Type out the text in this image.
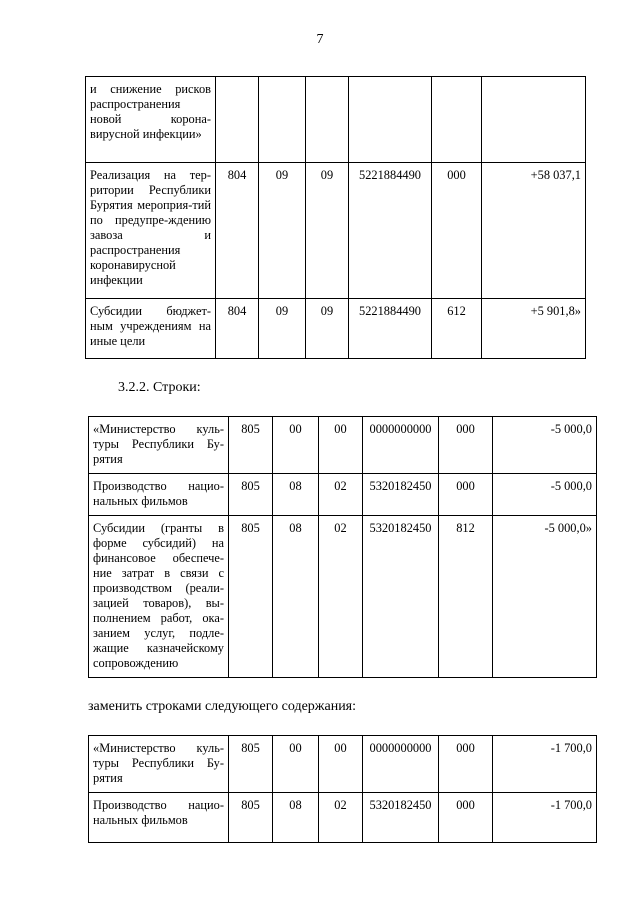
7
и снижение рисков распространения новой корона-вирусной инфекции»						
Реализация на тер-ритории Республики Бурятия мероприя-тий по предупре-ждению завоза и распространения коронавирусной инфекции	804	09	09	5221884490	000	+58 037,1
Субсидии бюджет-ным учреждениям на иные цели	804	09	09	5221884490	612	+5 901,8»
3.2.2. Строки:
«Министерство куль-туры Республики Бу-рятия	805	00	00	0000000000	000	-5 000,0
Производство нацио-нальных фильмов	805	08	02	5320182450	000	-5 000,0
Субсидии (гранты в форме субсидий) на финансовое обеспече-ние затрат в связи с производством (реали-зацией товаров), вы-полнением работ, ока-занием услуг, подле-жащие казначейскому сопровождению	805	08	02	5320182450	812	-5 000,0»
заменить строками следующего содержания:
«Министерство куль-туры Республики Бу-рятия	805	00	00	0000000000	000	-1 700,0
Производство нацио-нальных фильмов	805	08	02	5320182450	000	-1 700,0
